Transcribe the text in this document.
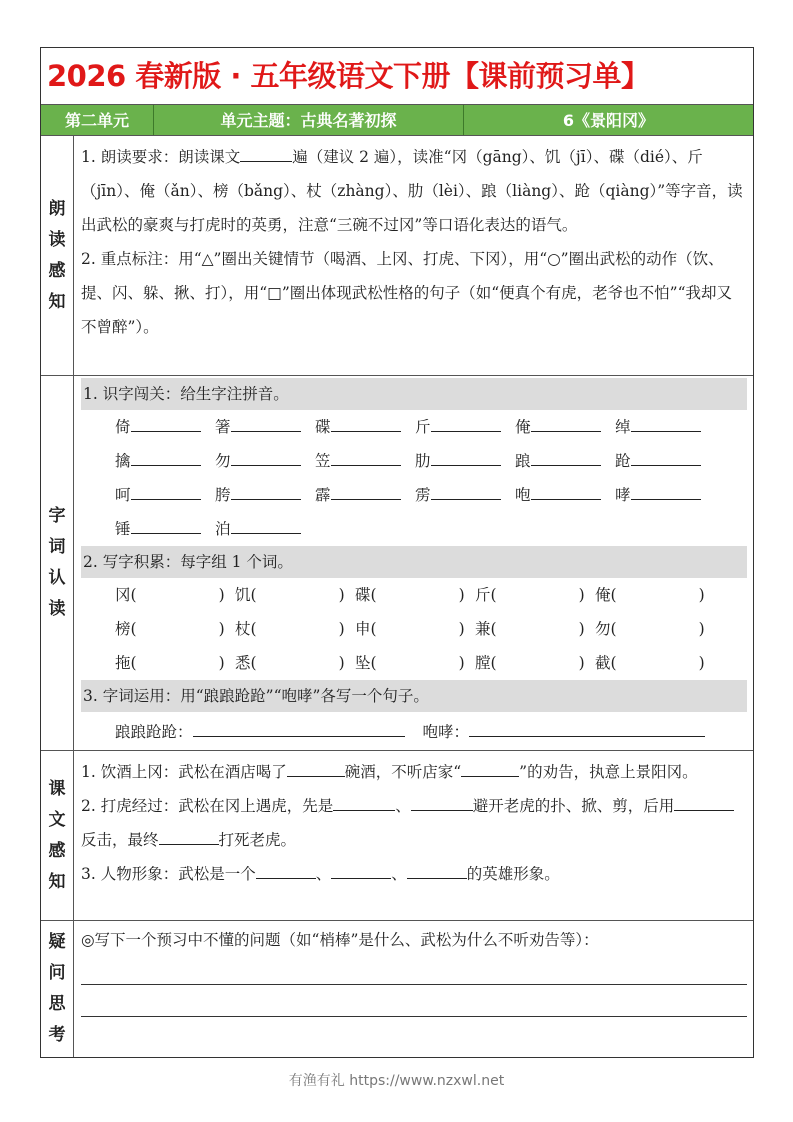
2026 春新版 · 五年级语文下册【课前预习单】
第二单元	单元主题：古典名著初探	6《景阳冈》
朗
读
感
知

1. 朗读要求：朗读课文	遍（建议 2 遍），读准“冈（gāng）、饥（jī）、碟（dié）、斤（jīn）、俺（ǎn）、榜（bǎng）、杖（zhàng）、肋（lèi）、踉（liàng）、跄（qiàng）”等字音，读出武松的豪爽与打虎时的英勇，注意“三碗不过冈”等口语化表达的语气。

2. 重点标注：用“△”圈出关键情节（喝酒、上冈、打虎、下冈），用“○”圈出武松的动作（饮、提、闪、躲、揪、打），用“□”圈出体现武松性格的句子（如“便真个有虎，老爷也不怕”“我却又不曾醉”）。

字
词
认
读
1. 识字闯关：给生字注拼音。
倚	箸	碟	斤	俺	绰
擒	勿	笠	肋	踉	跄
呵	胯	霹	雳	咆	哮
锤	泊
2. 写字积累：每字组 1 个词。
冈 (	) 饥 (	) 碟 (	) 斤 (	) 俺 (	)
榜 (	) 杖 (	) 申 (	) 兼 (	) 勿 (	)
拖 (	) 悉 (	) 坠 (	) 膛 (	) 截 (	)
3. 字词运用：用“踉踉跄跄”“咆哮”各写一个句子。
踉踉跄跄：	咆哮：
课
文
感
知

1. 饮酒上冈：武松在酒店喝了	碗酒，不听店家“	”的劝告，执意上景阳冈。

2. 打虎经过：武松在冈上遇虎，先是	、	避开老虎的扑、掀、剪，后用反击，最终	打死老虎。

3. 人物形象：武松是一个	、	、	的英雄形象。

疑
问
思
考

◎写下一个预习中不懂的问题（如“梢棒”是什么、武松为什么不听劝告等）：

有渔有礼 https://www.nzxwl.net
